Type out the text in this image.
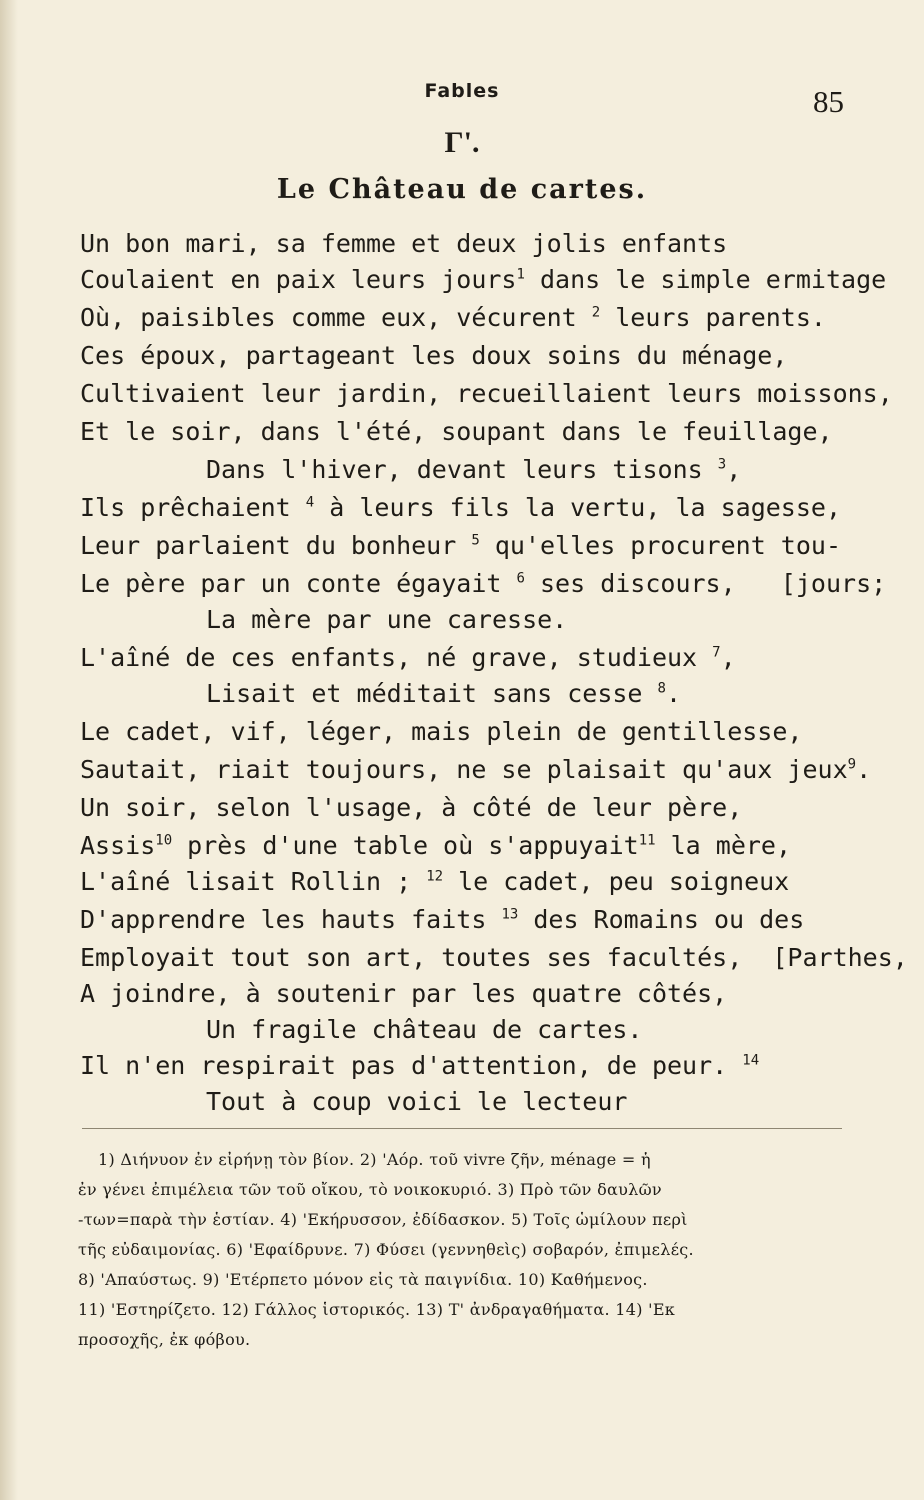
Fables	85
Γ'.
Le Château de cartes.
Un bon mari, sa femme et deux jolis enfants
Coulaient en paix leurs jours$^1$ dans le simple ermitage
Où, paisibles comme eux, vécurent $^2$ leurs parents.
Ces époux, partageant les doux soins du ménage,
Cultivaient leur jardin, recueillaient leurs moissons,
Et le soir, dans l'été, soupant dans le feuillage,
Dans l'hiver, devant leurs tisons $^3$,
Ils prêchaient $^4$ à leurs fils la vertu, la sagesse,
Leur parlaient du bonheur $^5$ qu'elles procurent tou-
Le père par un conte égayait $^6$ ses discours,   [jours;
La mère par une caresse.
L'aîné de ces enfants, né grave, studieux $^7$,
Lisait et méditait sans cesse $^8$.
Le cadet, vif, léger, mais plein de gentillesse,
Sautait, riait toujours, ne se plaisait qu'aux jeux$^9$.
Un soir, selon l'usage, à côté de leur père,
Assis$^{10}$ près d'une table où s'appuyait$^{11}$ la mère,
L'aîné lisait Rollin ; $^{12}$ le cadet, peu soigneux
D'apprendre les hauts faits $^{13}$ des Romains ou des
Employait tout son art, toutes ses facultés,  [Parthes,
A joindre, à soutenir par les quatre côtés,
Un fragile château de cartes.
Il n'en respirait pas d'attention, de peur. $^{14}$
Tout à coup voici le lecteur
1) Διήνυον ἐν εἰρήνῃ τὸν βίον. 2) 'Αόρ. τοῦ vivre ζῆν, ménage = ἡ
ἐν γένει ἐπιμέλεια τῶν τοῦ οἴκου, τὸ νοικοκυριό. 3) Πρὸ τῶν δαυλῶν
-των=παρὰ τὴν ἑστίαν. 4) 'Εκήρυσσον, ἐδίδασκον. 5) Τοῖς ὡμίλουν περὶ
τῆς εὐδαιμονίας. 6) 'Εφαίδρυνε. 7) Φύσει (γεννηθεὶς) σοβαρόν, ἐπιμελές.
8) 'Απαύστως. 9) 'Ετέρπετο μόνον εἰς τὰ παιγνίδια. 10) Καθήμενος.
11) 'Εστηρίζετο. 12) Γάλλος ἱστορικός. 13) Τ' ἀνδραγαθήματα. 14) 'Εκ
προσοχῆς, ἐκ φόβου.
